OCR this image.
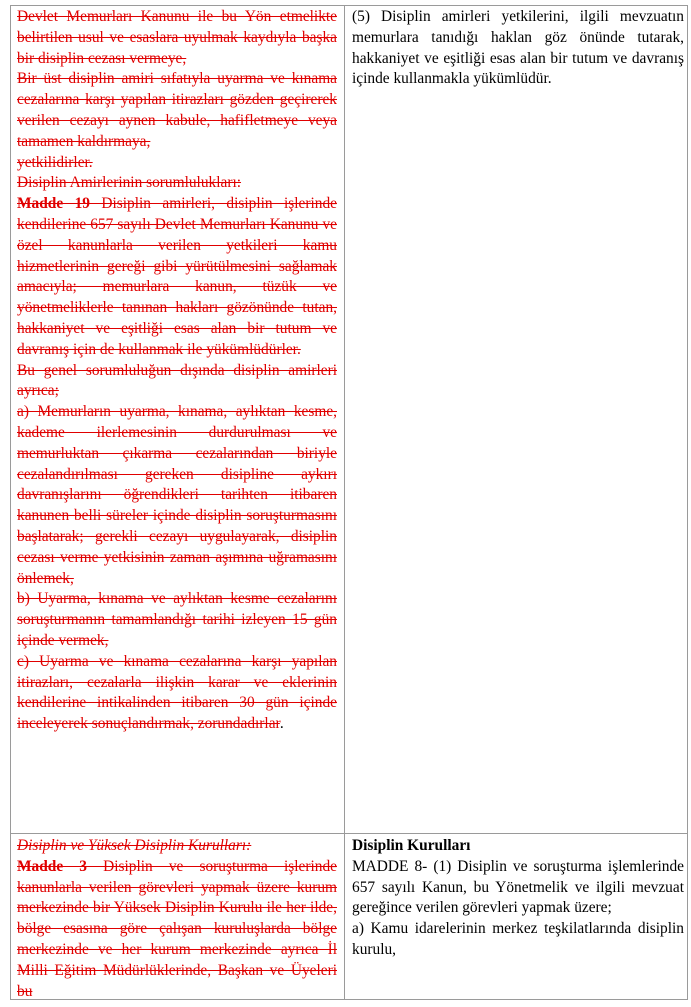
Devlet Memurları Kanunu ile bu Yön etmelikte belirtilen usul ve esaslara uyulmak kaydıyla başka bir disiplin cezası vermeye,

Bir üst disiplin amiri sıfatıyla uyarma ve kınama cezalarına karşı yapılan itirazları gözden geçirerek verilen cezayı aynen kabule, hafifletmeye veya tamamen kaldırmaya,

yetkilidirler.

Disiplin Amirlerinin sorumlulukları:

Madde 19 Disiplin amirleri, disiplin işlerinde kendilerine 657 sayılı Devlet Memurları Kanunu ve özel kanunlarla verilen yetkileri kamu hizmetlerinin gereği gibi yürütülmesini sağlamak amacıyla; memurlara kanun, tüzük ve yönetmeliklerle tanınan hakları gözönünde tutan, hakkaniyet ve eşitliği esas alan bir tutum ve davranış için de kullanmak ile yükümlüdürler.

Bu genel sorumluluğun dışında disiplin amirleri ayrıca;

a) Memurların uyarma, kınama, aylıktan kesme, kademe ilerlemesinin durdurulması ve memurluktan çıkarma cezalarından biriyle cezalandırılması gereken disipline aykırı davranışlarını öğrendikleri tarihten itibaren kanunen belli süreler içinde disiplin soruşturmasını başlatarak; gerekli cezayı uygulayarak, disiplin cezası verme yetkisinin zaman aşımına uğramasını önlemek,

b) Uyarma, kınama ve aylıktan kesme cezalarını soruşturmanın tamamlandığı tarihi izleyen 15 gün içinde vermek,

c) Uyarma ve kınama cezalarına karşı yapılan itirazları, cezalarla ilişkin karar ve eklerinin kendilerine intikalinden itibaren 30 gün içinde inceleyerek sonuçlandırmak, zorundadırlar.

(5) Disiplin amirleri yetkilerini, ilgili mevzuatın memurlara tanıdığı haklan göz önünde tutarak, hakkaniyet ve eşitliği esas alan bir tutum ve davranış içinde kullanmakla yükümlüdür.

Disiplin ve Yüksek Disiplin Kurulları:

Madde 3 Disiplin ve soruşturma işlerinde kanunlarla verilen görevleri yapmak üzere kurum merkezinde bir Yüksek Disiplin Kurulu ile her ilde, bölge esasına göre çalışan kuruluşlarda bölge merkezinde ve her kurum merkezinde ayrıca İl Milli Eğitim Müdürlüklerinde, Başkan ve Üyeleri bu

Disiplin Kurulları

MADDE 8- (1) Disiplin ve soruşturma işlemlerinde 657 sayılı Kanun, bu Yönetmelik ve ilgili mevzuat gereğince verilen görevleri yapmak üzere;

a) Kamu idarelerinin merkez teşkilatlarında disiplin kurulu,
